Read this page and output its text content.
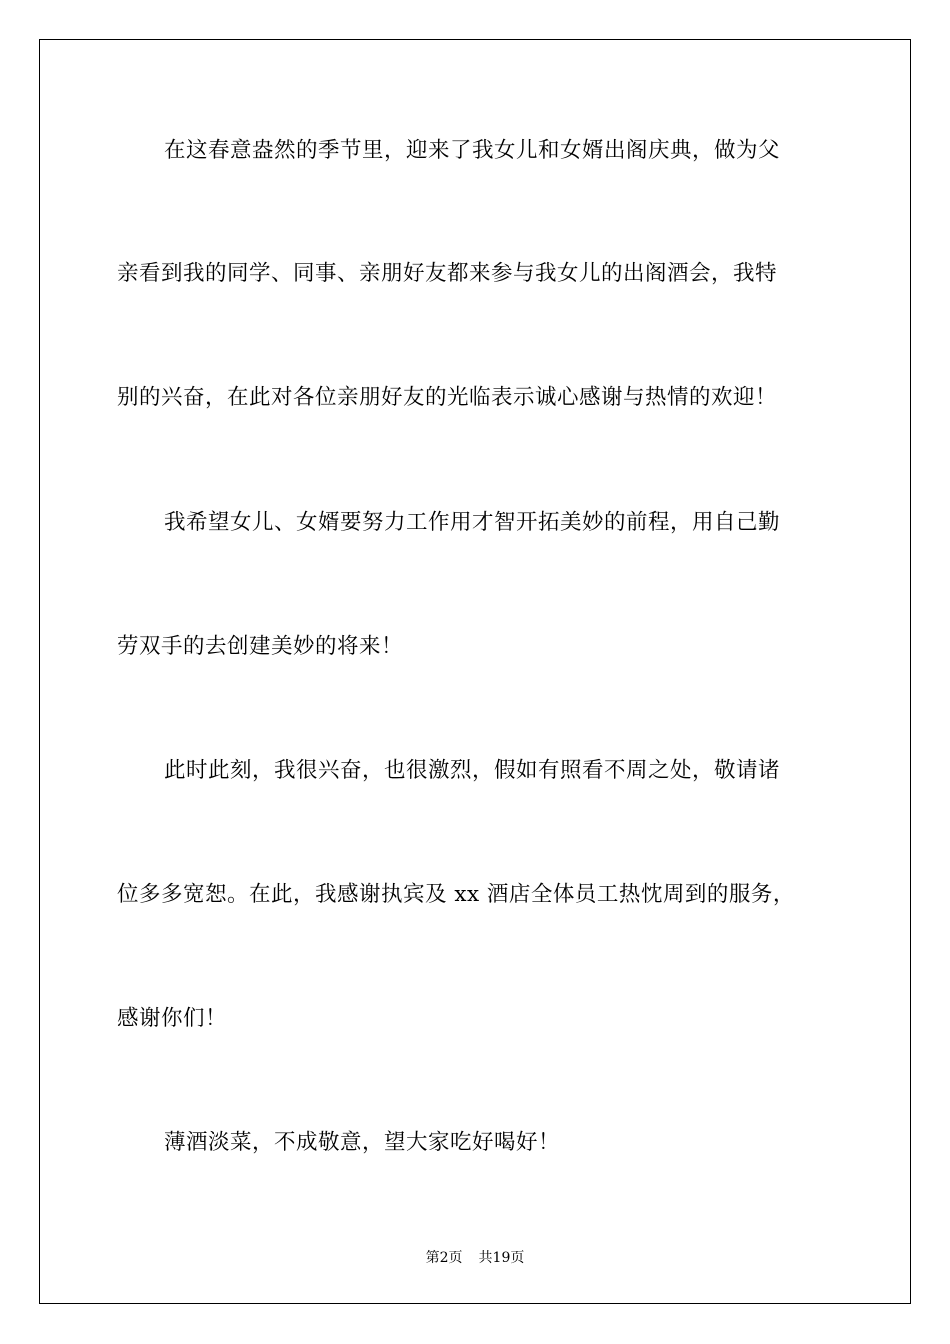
在这春意盎然的季节里，迎来了我女儿和女婿出阁庆典，做为父
亲看到我的同学、同事、亲朋好友都来参与我女儿的出阁酒会，我特
别的兴奋，在此对各位亲朋好友的光临表示诚心感谢与热情的欢迎！
我希望女儿、女婿要努力工作用才智开拓美妙的前程，用自己勤
劳双手的去创建美妙的将来！
此时此刻，我很兴奋，也很激烈，假如有照看不周之处，敬请诸
位多多宽恕。在此，我感谢执宾及 xx 酒店全体员工热忱周到的服务，
感谢你们！
薄酒淡菜，不成敬意，望大家吃好喝好！
第2页 共19页
